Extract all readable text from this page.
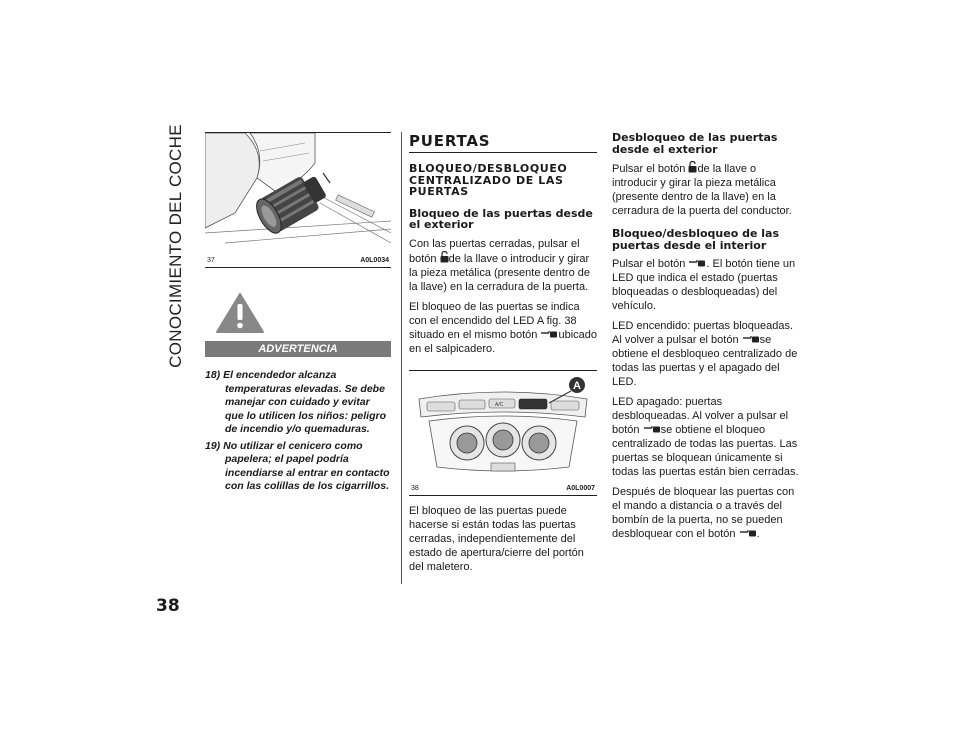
CONOCIMIENTO DEL COCHE
38
37	A0L0034
ADVERTENCIA
18) El encendedor alcanza temperaturas elevadas. Se debe manejar con cuidado y evitar que lo utilicen los niños: peligro de incendio y/o quemaduras.
19) No utilizar el cenicero como papelera; el papel podría incendiarse al entrar en contacto con las colillas de los cigarrillos.
PUERTAS
BLOQUEO/DESBLOQUEO CENTRALIZADO DE LAS PUERTAS
Bloqueo de las puertas desde el exterior

Con las puertas cerradas, pulsar el botón de la llave o introducir y girar la pieza metálica (presente dentro de la llave) en la cerradura de la puerta.

El bloqueo de las puertas se indica con el encendido del LED A fig. 38 situado en el mismo botón ubicado en el salpicadero.

A/C
A
38	A0L0007

El bloqueo de las puertas puede hacerse si están todas las puertas cerradas, independientemente del estado de apertura/cierre del portón del maletero.

Desbloqueo de las puertas desde el exterior

Pulsar el botón de la llave o introducir y girar la pieza metálica (presente dentro de la llave) en la cerradura de la puerta del conductor.

Bloqueo/desbloqueo de las puertas desde el interior

Pulsar el botón . El botón tiene un LED que indica el estado (puertas bloqueadas o desbloqueadas) del vehículo.

LED encendido: puertas bloqueadas. Al volver a pulsar el botón se obtiene el desbloqueo centralizado de todas las puertas y el apagado del LED.

LED apagado: puertas desbloqueadas. Al volver a pulsar el botón se obtiene el bloqueo centralizado de todas las puertas. Las puertas se bloquean únicamente si todas las puertas están bien cerradas.

Después de bloquear las puertas con el mando a distancia o a través del bombín de la puerta, no se pueden desbloquear con el botón .
